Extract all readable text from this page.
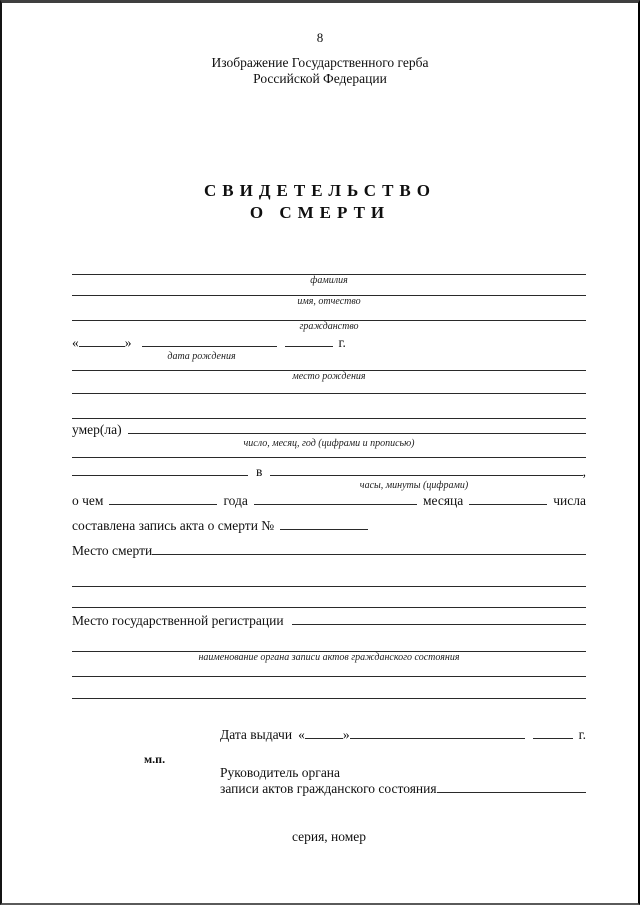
8
Изображение Государственного герба
Российской Федерации
СВИДЕТЕЛЬСТВО
О СМЕРТИ
фамилия
имя, отчество
гражданство
«	»	г.
дата рождения
место рождения
умер(ла)
число, месяц, год (цифрами и прописью)
в	,
часы, минуты (цифрами)
о чем	года	месяца	числа
составлена запись акта о смерти №
Место смерти
Место государственной регистрации
наименование органа записи актов гражданского состояния
Дата выдачи «	»	г.
м.п.
Руководитель органа
записи актов гражданского состояния
серия, номер
